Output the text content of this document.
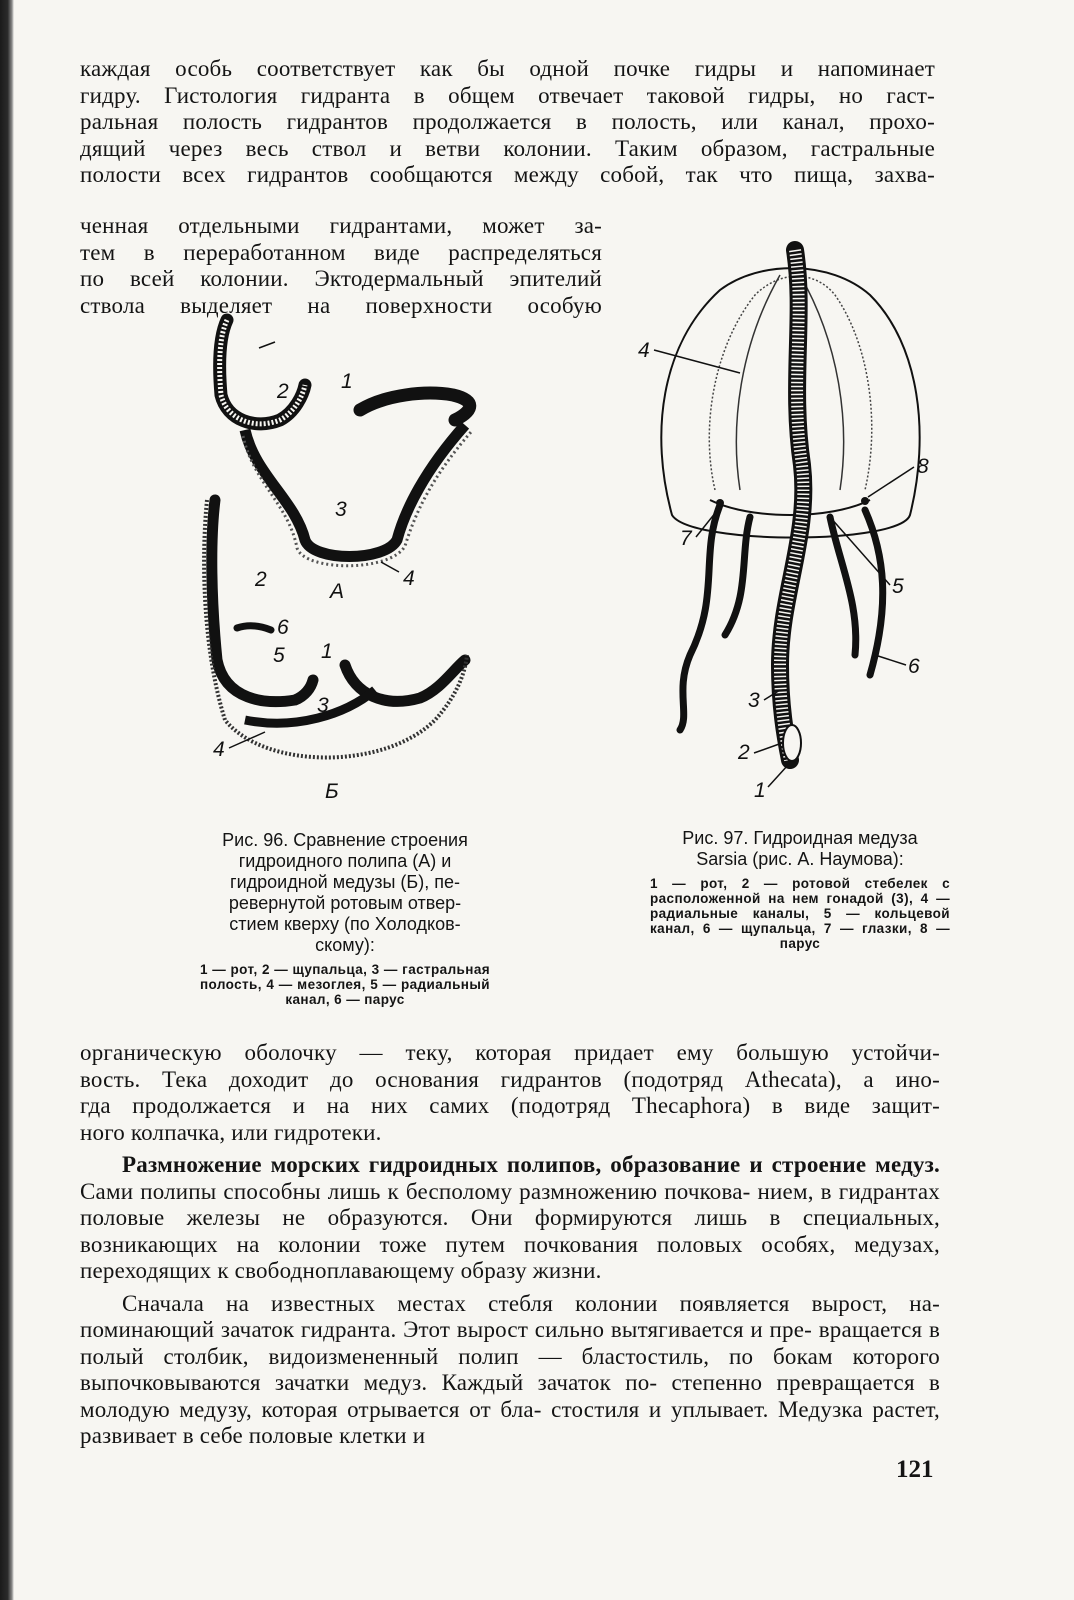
каждая особь соответствует как бы одной почке гидры и напоминает
гидру. Гистология гидранта в общем отвечает таковой гидры, но гаст-
ральная полость гидрантов продолжается в полость, или канал, прохо-
дящий через весь ствол и ветви колонии. Таким образом, гастральные
полости всех гидрантов сообщаются между собой, так что пища, захва-
ченная отдельными гидрантами, может за-
тем в переработанном виде распределяться
по всей колонии. Эктодермальный эпителий
ствола выделяет на поверхности особую
2 1
3
4
А
2
6
5 1
3
4
Б
Рис. 96. Сравнение строения
гидроидного полипа (А) и
гидроидной медузы (Б), пе-
ревернутой ротовым отвер-
стием кверху (по Холодков-
скому):
1 — рот, 2 — щупальца, 3 — гастральная полость, 4 — мезоглея, 5 — радиальный канал, 6 — парус
4
8
7
5
6
3
2
1
Рис. 97. Гидроидная медуза
Sarsia (рис. А. Наумова):
1 — рот, 2 — ротовой стебелек с расположенной на нем гонадой (3), 4 — радиальные каналы, 5 — кольцевой канал, 6 — щупальца, 7 — глазки, 8 — парус

органическую оболочку — теку, которая придает ему большую устойчи-
вость. Тека доходит до основания гидрантов (подотряд Athecata), а ино-
гда продолжается и на них самих (подотряд Thecaphora) в виде защит-
ного колпачка, или гидротеки.

Размножение морских гидроидных полипов, образование и строение медуз. Сами полипы способны лишь к бесполому размножению почкова- нием, в гидрантах половые железы не образуются. Они формируются лишь в специальных, возникающих на колонии тоже путем почкования половых особях, медузах, переходящих к свободноплавающему образу жизни.

Сначала на известных местах стебля колонии появляется вырост, на- поминающий зачаток гидранта. Этот вырост сильно вытягивается и пре- вращается в полый столбик, видоизмененный полип — бластостиль, по бокам которого выпочковываются зачатки медуз. Каждый зачаток по- степенно превращается в молодую медузу, которая отрывается от бла- стостиля и уплывает. Медузка растет, развивает в себе половые клетки и

121
